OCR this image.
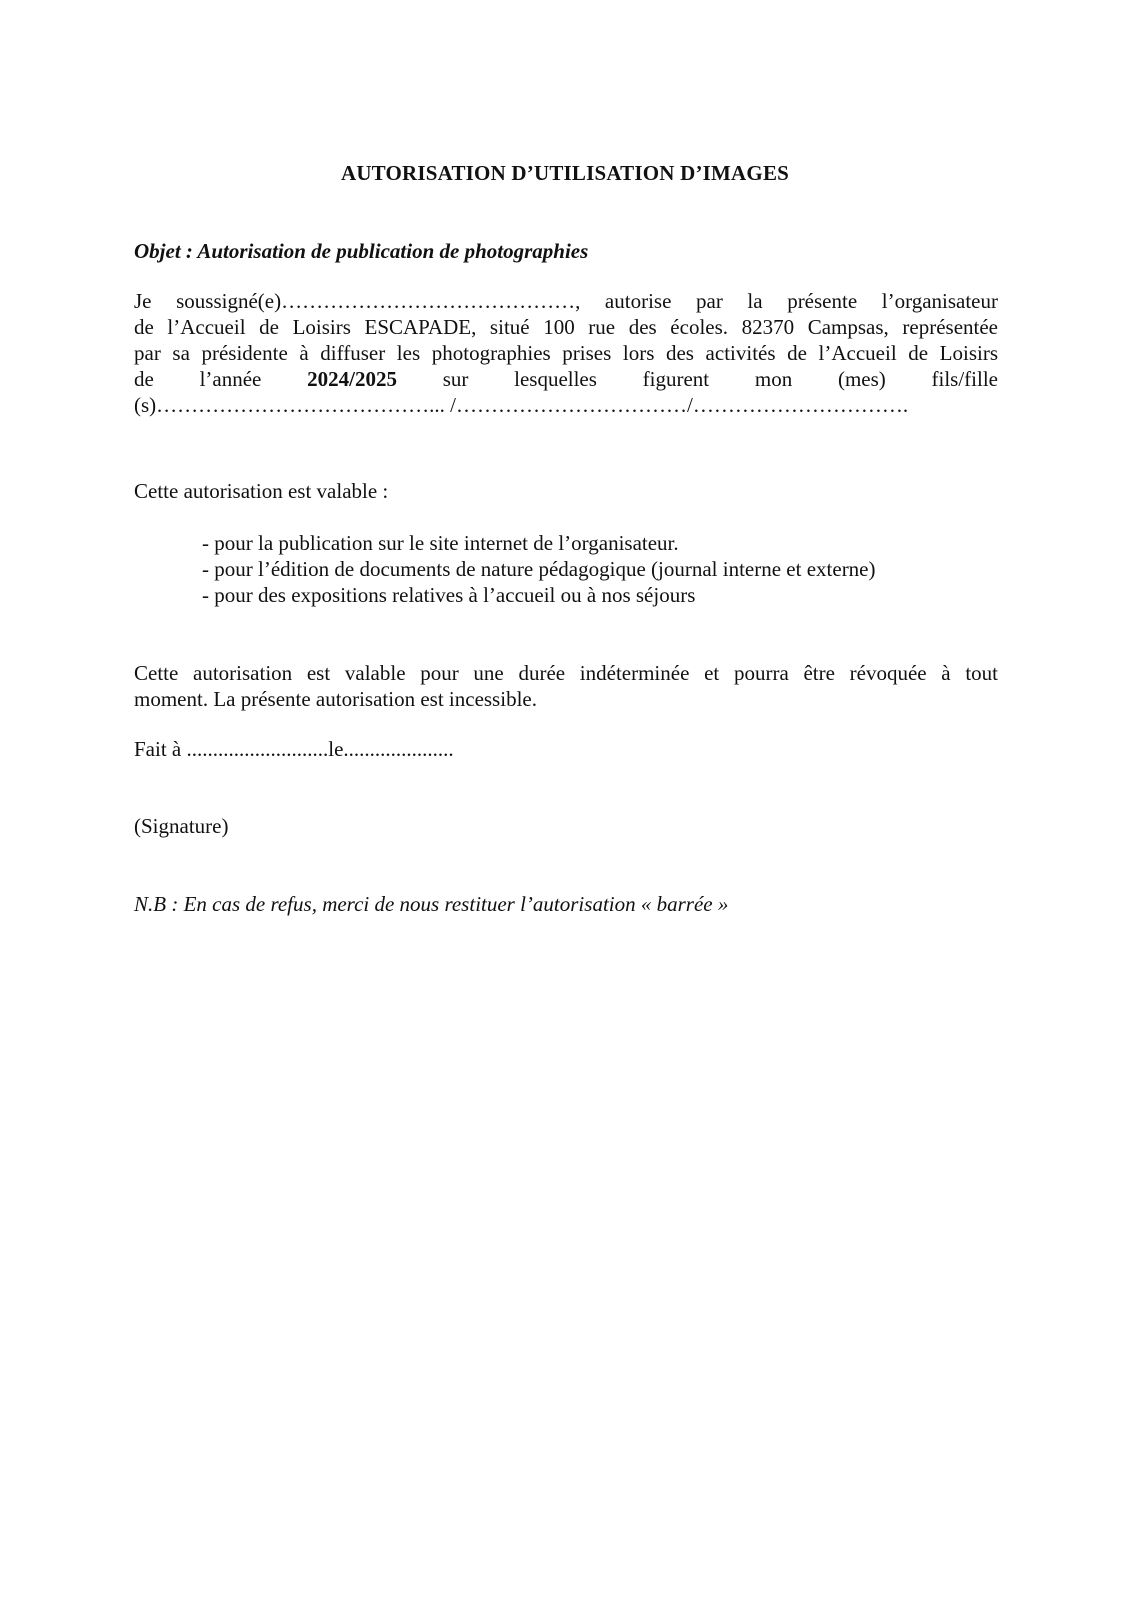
AUTORISATION D’UTILISATION D’IMAGES
Objet : Autorisation de publication de photographies
Je soussigné(e)……………………………………, autorise par la présente l’organisateur
de l’Accueil de Loisirs ESCAPADE, situé 100 rue des écoles. 82370 Campsas, représentée
par sa présidente à diffuser les photographies prises lors des activités de l’Accueil de Loisirs
de l’année 2024/2025 sur lesquelles figurent mon (mes) fils/fille
(s)…………………………………... /……………………………/………………………….
Cette autorisation est valable :
- pour la publication sur le site internet de l’organisateur.
- pour l’édition de documents de nature pédagogique (journal interne et externe)
- pour des expositions relatives à l’accueil ou à nos séjours
Cette autorisation est valable pour une durée indéterminée et pourra être révoquée à tout
moment. La présente autorisation est incessible.
Fait à ...........................le.....................
(Signature)
N.B : En cas de refus, merci de nous restituer l’autorisation « barrée »
